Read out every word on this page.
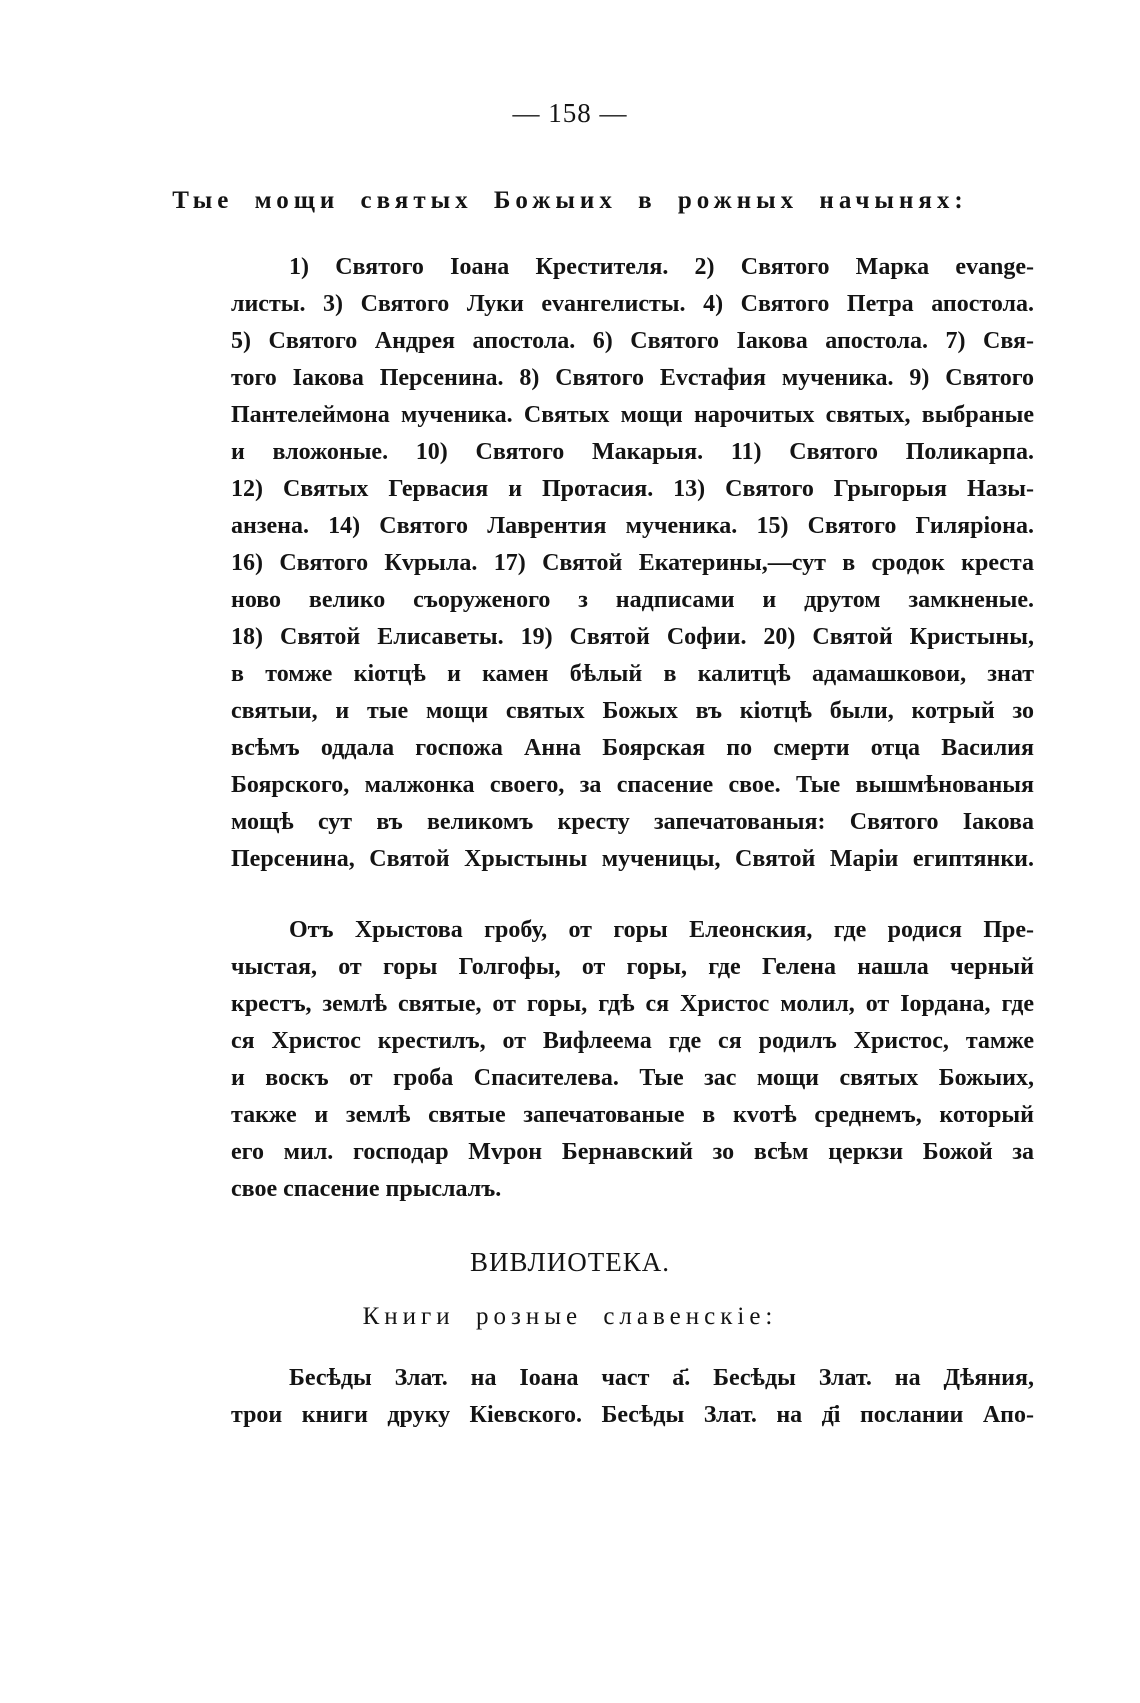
— 158 —
Тые мощи святых Божыих в рожных начынях:
1) Святого Іоана Крестителя. 2) Святого Марка еvange-
листы. 3) Святого Луки еvангелисты. 4) Святого Петра апостола.
5) Святого Андрея апостола. 6) Святого Іакова апостола. 7) Свя-
того Іакова Персенина. 8) Святого Еvстафия мученика. 9) Святого
Пантелеймона мученика. Святых мощи нарочитых святых, выбраные
и вложоные. 10) Святого Макарыя. 11) Святого Поликарпа.
12) Святых Гервасия и Протасия. 13) Святого Грыгорыя Назы-
анзена. 14) Святого Лаврентия мученика. 15) Святого Гиляріона.
16) Святого Кvрыла. 17) Святой Екатерины,—сут в сродок креста
ново велико съоруженого з надписами и друтом замкненые.
18) Святой Елисаветы. 19) Святой Софии. 20) Святой Кристыны,
в томже кіотцѣ и камен бѣлый в калитцѣ адамашковои, знат
святыи, и тые мощи святых Божых въ кіотцѣ были, котрый зо
всѣмъ оддала госпожа Анна Боярская по смерти отца Василия
Боярского, малжонка своего, за спасение свое. Тые вышмѣнованыя
мощѣ сут въ великомъ кресту запечатованыя: Святого Іакова
Персенина, Святой Хрыстыны мученицы, Святой Маріи египтянки.
Отъ Хрыстова гробу, от горы Елеонския, где родися Пре-
чыстая, от горы Голгофы, от горы, где Гелена нашла черный
крестъ, землѣ святые, от горы, гдѣ ся Христос молил, от Іордана, где
ся Христос крестилъ, от Вифлеема где ся родилъ Христос, тамже
и воскъ от гроба Спасителева. Тые зас мощи святых Божыих,
также и землѣ святые запечатованые в кvотѣ среднемъ, который
его мил. господар Мvрон Бернавский зо всѣм церкзи Божой за
свое спасение прыслалъ.
ВИВЛИОТЕКА.
Книги розные славенскіе:
Бесѣды Злат. на Іоана част а҃. Бесѣды Злат. на Дѣяния,
трои книги друку Кіевского. Бесѣды Злат. на д҃і послании Апо-
